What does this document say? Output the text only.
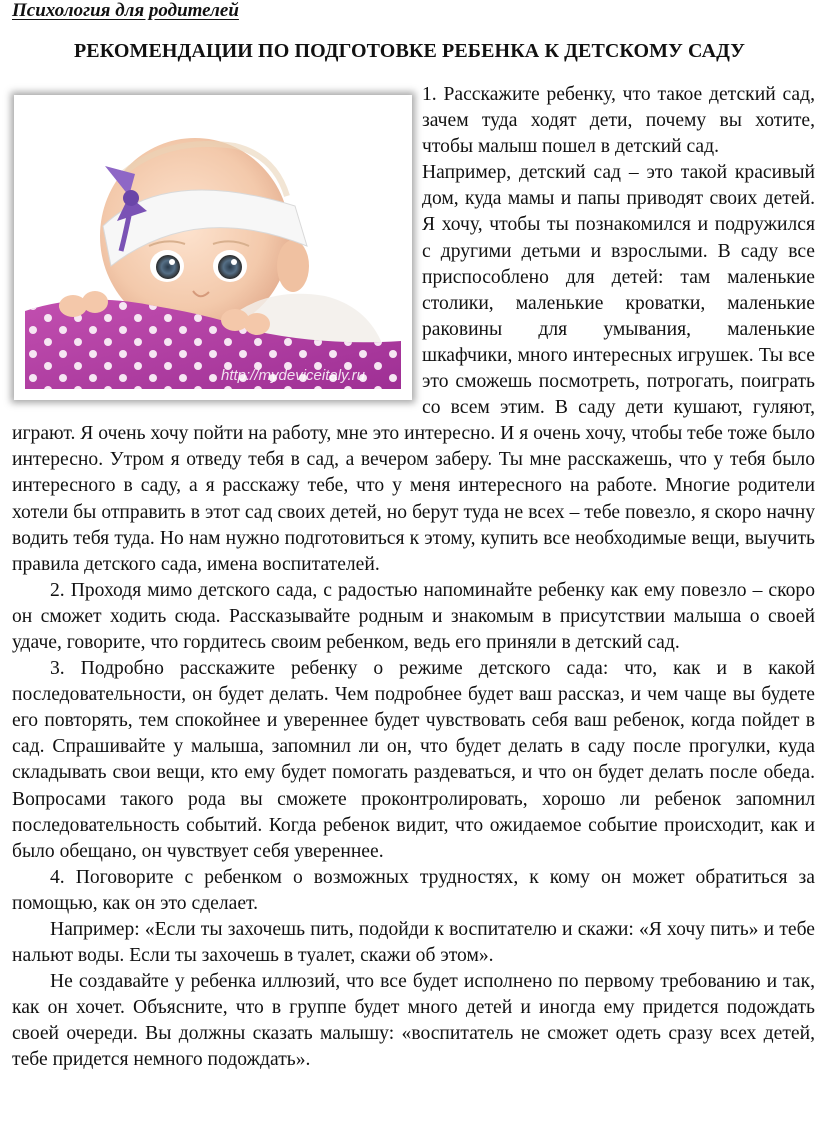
Психология для родителей
РЕКОМЕНДАЦИИ ПО ПОДГОТОВКЕ РЕБЕНКА К ДЕТСКОМУ САДУ
http://mydeviceitaly.ru

1. Расскажите ребенку, что такое детский сад, зачем туда ходят дети, почему вы хотите, чтобы малыш пошел в детский сад.

Например, детский сад – это такой красивый дом, куда мамы и папы приводят своих детей. Я хочу, чтобы ты познакомился и подружился с другими детьми и взрослыми. В саду все приспособлено для детей: там маленькие столики, маленькие кроватки, маленькие раковины для умывания, маленькие шкафчики, много интересных игрушек. Ты все это сможешь посмотреть, потрогать, поиграть со всем этим. В саду дети кушают, гуляют, играют. Я очень хочу пойти на работу, мне это интересно. И я очень хочу, чтобы тебе тоже было интересно. Утром я отведу тебя в сад, а вечером заберу. Ты мне расскажешь, что у тебя было интересного в саду, а я расскажу тебе, что у меня интересного на работе. Многие родители хотели бы отправить в этот сад своих детей, но берут туда не всех – тебе повезло, я скоро начну водить тебя туда. Но нам нужно подготовиться к этому, купить все необходимые вещи, выучить правила детского сада, имена воспитателей.

2. Проходя мимо детского сада, с радостью напоминайте ребенку как ему повезло – скоро он сможет ходить сюда. Рассказывайте родным и знакомым в присутствии малыша о своей удаче, говорите, что гордитесь своим ребенком, ведь его приняли в детский сад.

3. Подробно расскажите ребенку о режиме детского сада: что, как и в какой последовательности, он будет делать. Чем подробнее будет ваш рассказ, и чем чаще вы будете его повторять, тем спокойнее и увереннее будет чувствовать себя ваш ребенок, когда пойдет в сад. Спрашивайте у малыша, запомнил ли он, что будет делать в саду после прогулки, куда складывать свои вещи, кто ему будет помогать раздеваться, и что он будет делать после обеда. Вопросами такого рода вы сможете проконтролировать, хорошо ли ребенок запомнил последовательность событий. Когда ребенок видит, что ожидаемое событие происходит, как и было обещано, он чувствует себя увереннее.

4. Поговорите с ребенком о возможных трудностях, к кому он может обратиться за помощью, как он это сделает.

Например: «Если ты захочешь пить, подойди к воспитателю и скажи: «Я хочу пить» и тебе нальют воды. Если ты захочешь в туалет, скажи об этом».

Не создавайте у ребенка иллюзий, что все будет исполнено по первому требованию и так, как он хочет. Объясните, что в группе будет много детей и иногда ему придется подождать своей очереди. Вы должны сказать малышу: «воспитатель не сможет одеть сразу всех детей, тебе придется немного подождать».
